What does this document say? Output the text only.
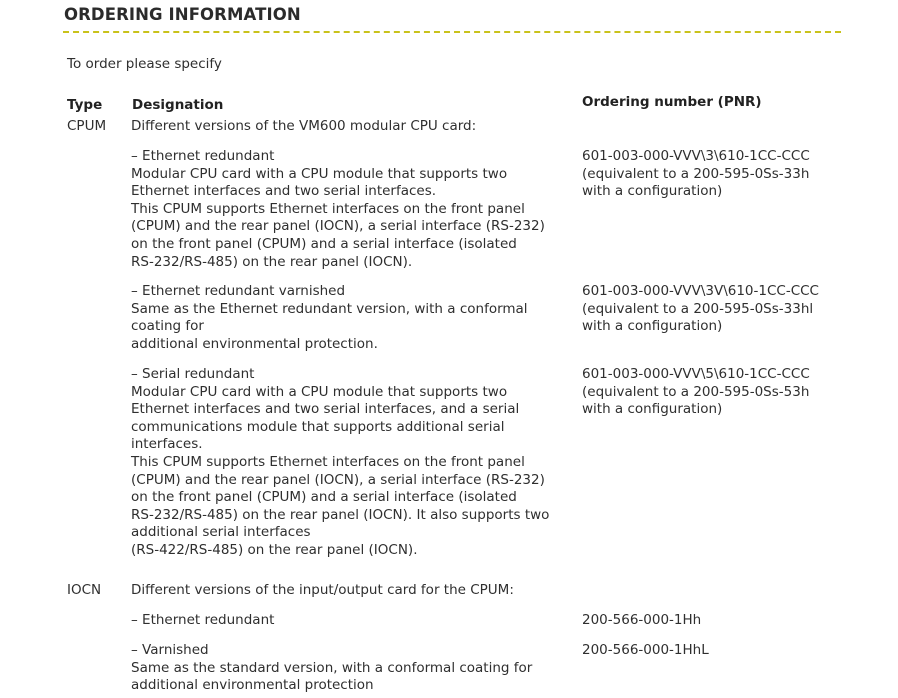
ORDERING INFORMATION
To order please specify
Type Designation	Ordering number (PNR)
CPUM Different versions of the VM600 modular CPU card:
– Ethernet redundant
Modular CPU card with a CPU module that supports two
Ethernet interfaces and two serial interfaces.
This CPUM supports Ethernet interfaces on the front panel
(CPUM) and the rear panel (IOCN), a serial interface (RS-232)
on the front panel (CPUM) and a serial interface (isolated
RS-232/RS-485) on the rear panel (IOCN).
601-003-000-VVV\3\610-1CC-CCC
(equivalent to a 200-595-0Ss-33h
with a configuration)
– Ethernet redundant varnished
Same as the Ethernet redundant version, with a conformal
coating for
additional environmental protection.
601-003-000-VVV\3V\610-1CC-CCC
(equivalent to a 200-595-0Ss-33hl
with a configuration)
– Serial redundant
Modular CPU card with a CPU module that supports two
Ethernet interfaces and two serial interfaces, and a serial
communications module that supports additional serial
interfaces.
This CPUM supports Ethernet interfaces on the front panel
(CPUM) and the rear panel (IOCN), a serial interface (RS-232)
on the front panel (CPUM) and a serial interface (isolated
RS-232/RS-485) on the rear panel (IOCN). It also supports two
additional serial interfaces
(RS-422/RS-485) on the rear panel (IOCN).
601-003-000-VVV\5\610-1CC-CCC
(equivalent to a 200-595-0Ss-53h
with a configuration)
IOCN Different versions of the input/output card for the CPUM:
– Ethernet redundant	200-566-000-1Hh
– Varnished
Same as the standard version, with a conformal coating for
additional environmental protection
200-566-000-1HhL
